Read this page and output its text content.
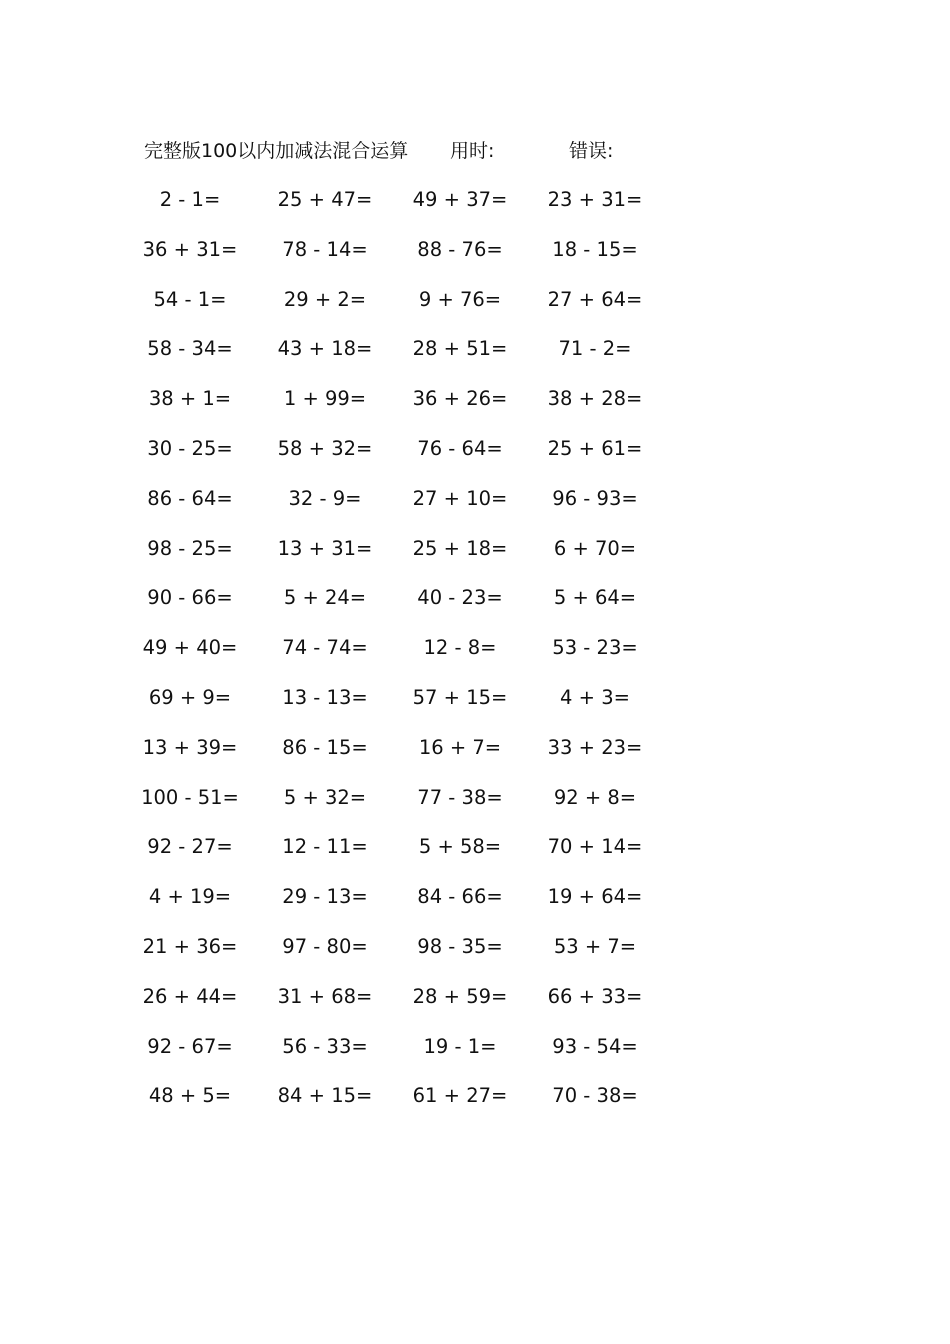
完整版100以内加减法混合运算 用时:	错误:
2 - 1=	25 + 47=	49 + 37=	23 + 31=
36 + 31=	78 - 14=	88 - 76=	18 - 15=
54 - 1=	29 + 2=	9 + 76=	27 + 64=
58 - 34=	43 + 18=	28 + 51=	71 - 2=
38 + 1=	1 + 99=	36 + 26=	38 + 28=
30 - 25=	58 + 32=	76 - 64=	25 + 61=
86 - 64=	32 - 9=	27 + 10=	96 - 93=
98 - 25=	13 + 31=	25 + 18=	6 + 70=
90 - 66=	5 + 24=	40 - 23=	5 + 64=
49 + 40=	74 - 74=	12 - 8=	53 - 23=
69 + 9=	13 - 13=	57 + 15=	4 + 3=
13 + 39=	86 - 15=	16 + 7=	33 + 23=
100 - 51=	5 + 32=	77 - 38=	92 + 8=
92 - 27=	12 - 11=	5 + 58=	70 + 14=
4 + 19=	29 - 13=	84 - 66=	19 + 64=
21 + 36=	97 - 80=	98 - 35=	53 + 7=
26 + 44=	31 + 68=	28 + 59=	66 + 33=
92 - 67=	56 - 33=	19 - 1=	93 - 54=
48 + 5=	84 + 15=	61 + 27=	70 - 38=
